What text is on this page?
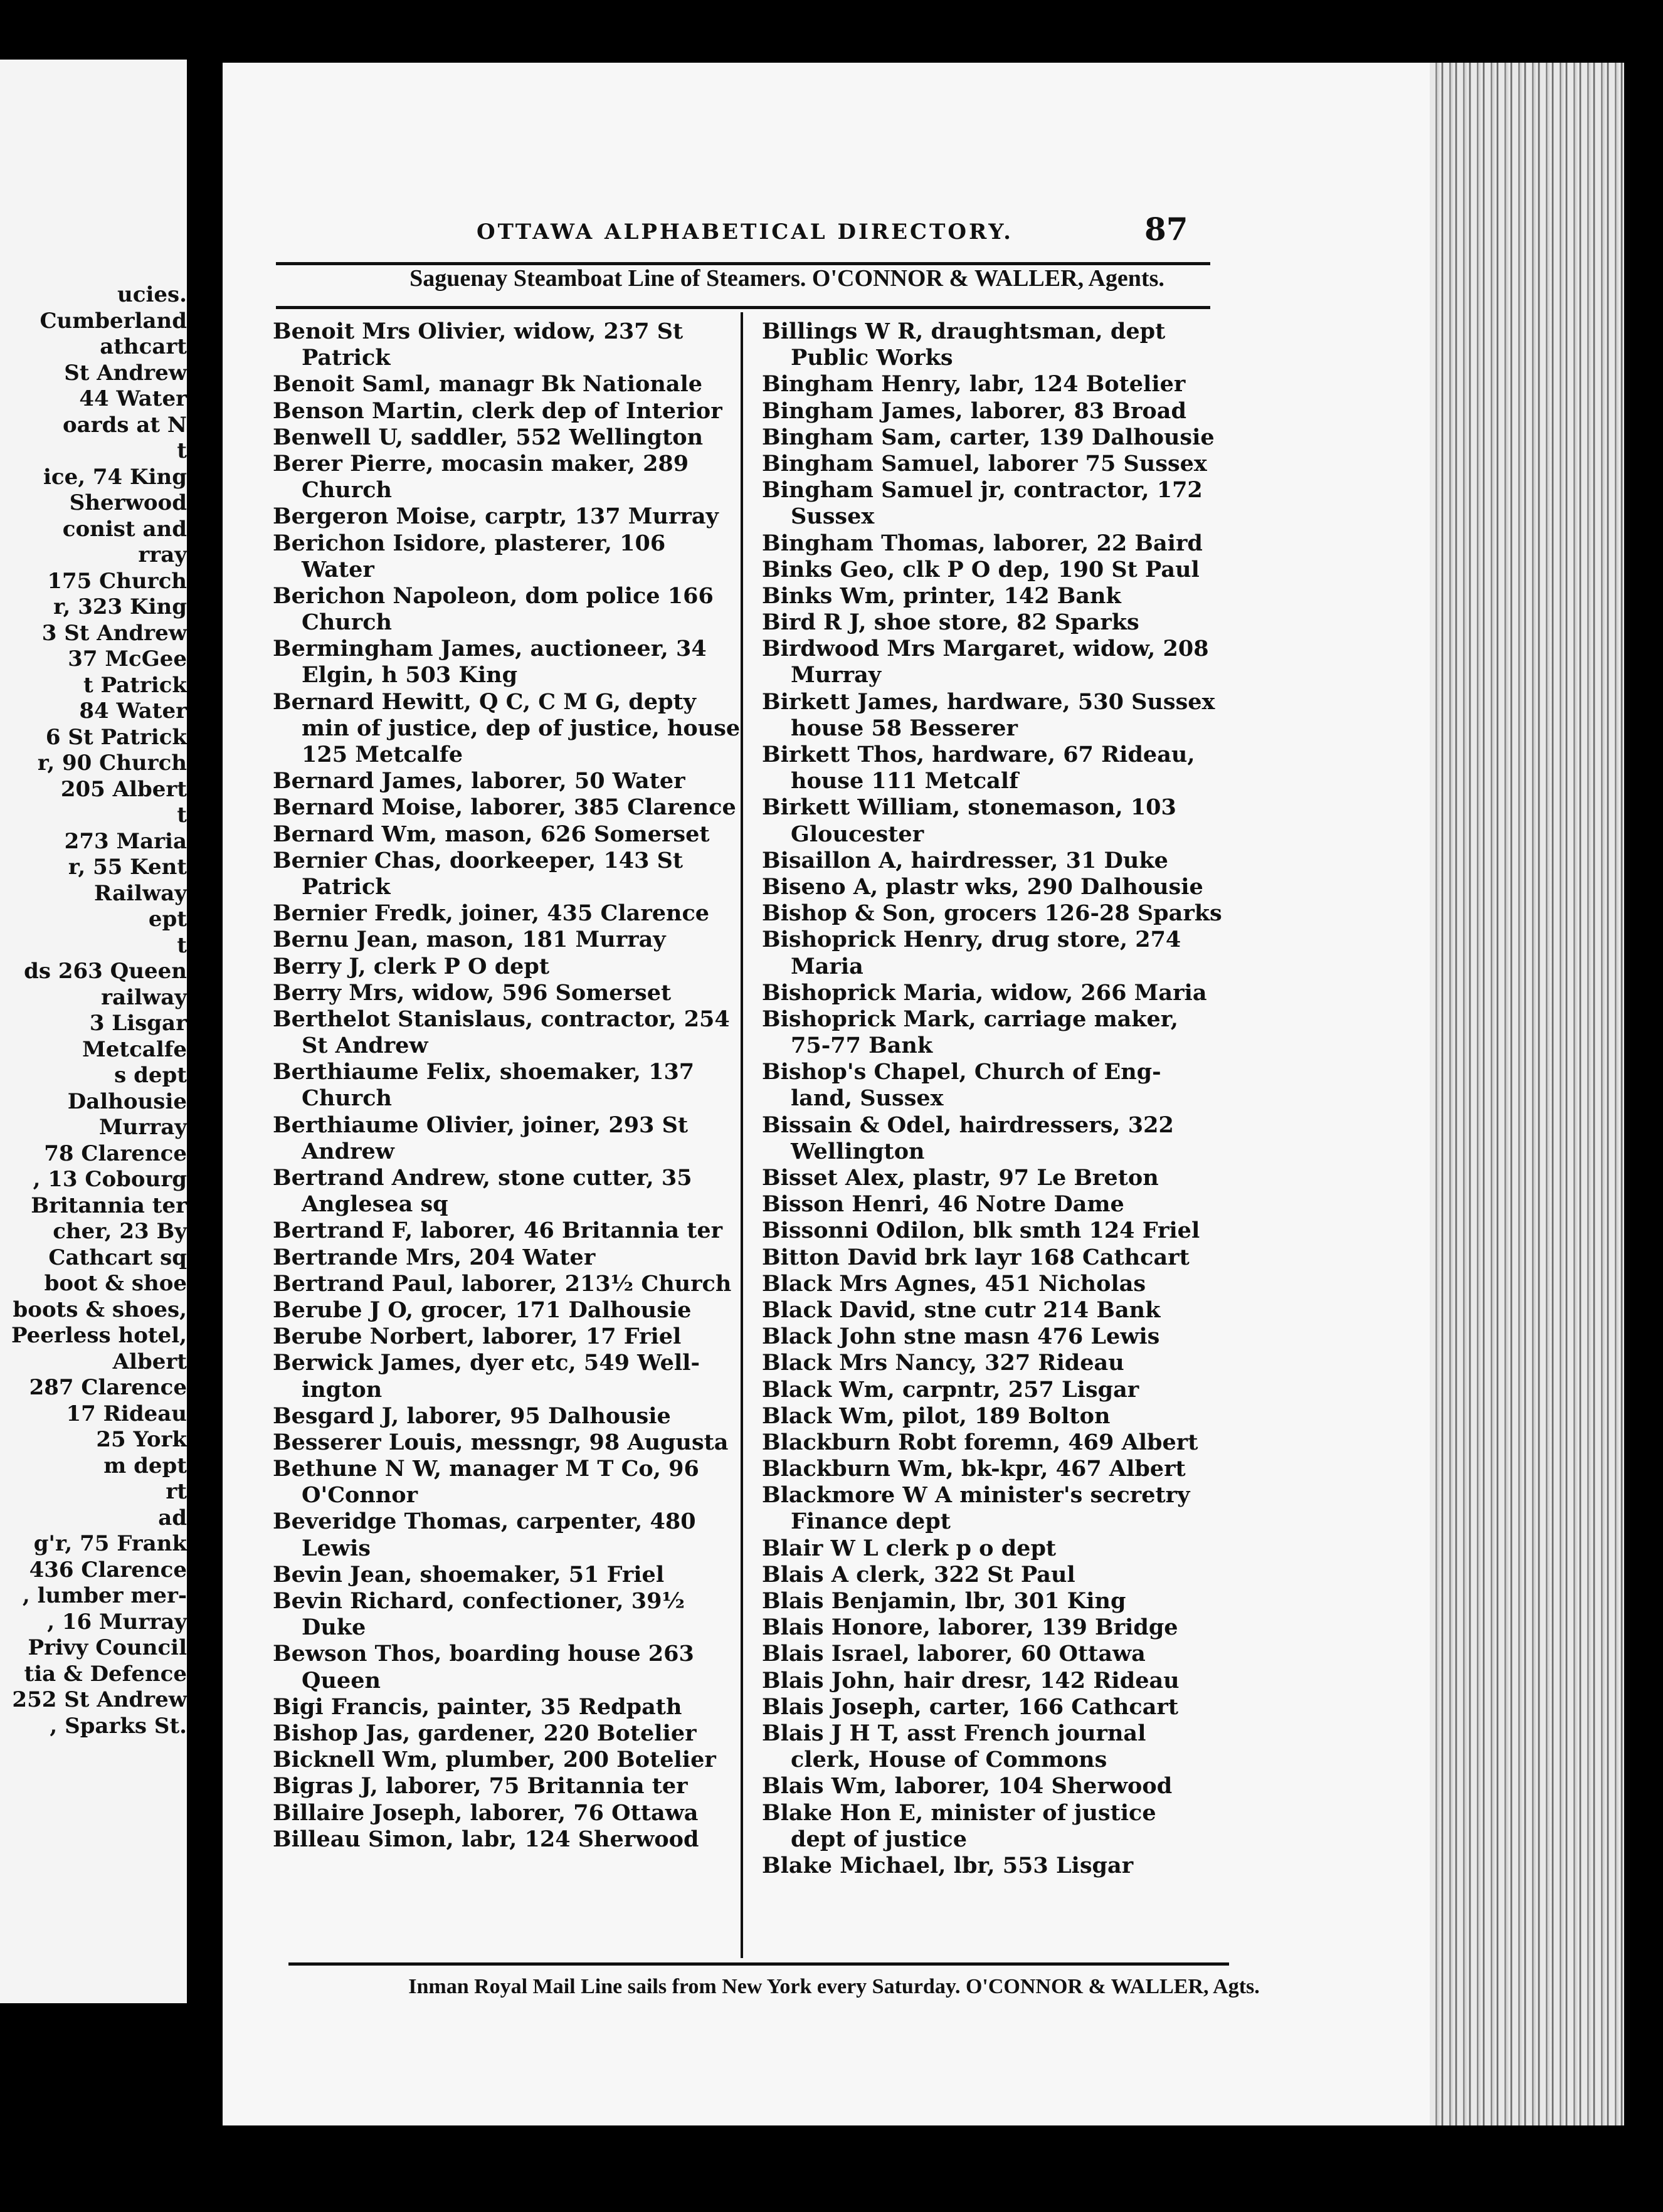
ucies.
Cumberland
athcart
St Andrew
44 Water
oards at N
t
ice, 74 King
Sherwood
conist and
rray
175 Church
r, 323 King
3 St Andrew
37 McGee
t Patrick
84 Water
6 St Patrick
r, 90 Church
205 Albert
t
273 Maria
r, 55 Kent
Railway
ept
t
ds 263 Queen
railway
3 Lisgar
Metcalfe
s dept
Dalhousie
Murray
78 Clarence
, 13 Cobourg
Britannia ter
cher, 23 By
Cathcart sq
boot & shoe
boots & shoes,
Peerless hotel,
Albert
287 Clarence
17 Rideau
25 York
m dept
rt
ad
g'r, 75 Frank
436 Clarence
, lumber mer-
, 16 Murray
Privy Council
tia & Defence
252 St Andrew
, Sparks St.
OTTAWA ALPHABETICAL DIRECTORY.	87
Saguenay Steamboat Line of Steamers. O'CONNOR & WALLER, Agents.
Benoit Mrs Olivier, widow, 237 St
Patrick
Benoit Saml, managr Bk Nationale
Benson Martin, clerk dep of Interior
Benwell U, saddler, 552 Wellington
Berer Pierre, mocasin maker, 289
Church
Bergeron Moise, carptr, 137 Murray
Berichon Isidore, plasterer, 106
Water
Berichon Napoleon, dom police 166
Church
Bermingham James, auctioneer, 34
Elgin, h 503 King
Bernard Hewitt, Q C, C M G, depty
min of justice, dep of justice, house
125 Metcalfe
Bernard James, laborer, 50 Water
Bernard Moise, laborer, 385 Clarence
Bernard Wm, mason, 626 Somerset
Bernier Chas, doorkeeper, 143 St
Patrick
Bernier Fredk, joiner, 435 Clarence
Bernu Jean, mason, 181 Murray
Berry J, clerk P O dept
Berry Mrs, widow, 596 Somerset
Berthelot Stanislaus, contractor, 254
St Andrew
Berthiaume Felix, shoemaker, 137
Church
Berthiaume Olivier, joiner, 293 St
Andrew
Bertrand Andrew, stone cutter, 35
Anglesea sq
Bertrand F, laborer, 46 Britannia ter
Bertrande Mrs, 204 Water
Bertrand Paul, laborer, 213½ Church
Berube J O, grocer, 171 Dalhousie
Berube Norbert, laborer, 17 Friel
Berwick James, dyer etc, 549 Well-
ington
Besgard J, laborer, 95 Dalhousie
Besserer Louis, messngr, 98 Augusta
Bethune N W, manager M T Co, 96
O'Connor
Beveridge Thomas, carpenter, 480
Lewis
Bevin Jean, shoemaker, 51 Friel
Bevin Richard, confectioner, 39½
Duke
Bewson Thos, boarding house 263
Queen
Bigi Francis, painter, 35 Redpath
Bishop Jas, gardener, 220 Botelier
Bicknell Wm, plumber, 200 Botelier
Bigras J, laborer, 75 Britannia ter
Billaire Joseph, laborer, 76 Ottawa
Billeau Simon, labr, 124 Sherwood
Billings W R, draughtsman, dept
Public Works
Bingham Henry, labr, 124 Botelier
Bingham James, laborer, 83 Broad
Bingham Sam, carter, 139 Dalhousie
Bingham Samuel, laborer 75 Sussex
Bingham Samuel jr, contractor, 172
Sussex
Bingham Thomas, laborer, 22 Baird
Binks Geo, clk P O dep, 190 St Paul
Binks Wm, printer, 142 Bank
Bird R J, shoe store, 82 Sparks
Birdwood Mrs Margaret, widow, 208
Murray
Birkett James, hardware, 530 Sussex
house 58 Besserer
Birkett Thos, hardware, 67 Rideau,
house 111 Metcalf
Birkett William, stonemason, 103
Gloucester
Bisaillon A, hairdresser, 31 Duke
Biseno A, plastr wks, 290 Dalhousie
Bishop & Son, grocers 126-28 Sparks
Bishoprick Henry, drug store, 274
Maria
Bishoprick Maria, widow, 266 Maria
Bishoprick Mark, carriage maker,
75-77 Bank
Bishop's Chapel, Church of Eng-
land, Sussex
Bissain & Odel, hairdressers, 322
Wellington
Bisset Alex, plastr, 97 Le Breton
Bisson Henri, 46 Notre Dame
Bissonni Odilon, blk smth 124 Friel
Bitton David brk layr 168 Cathcart
Black Mrs Agnes, 451 Nicholas
Black David, stne cutr 214 Bank
Black John stne masn 476 Lewis
Black Mrs Nancy, 327 Rideau
Black Wm, carpntr, 257 Lisgar
Black Wm, pilot, 189 Bolton
Blackburn Robt foremn, 469 Albert
Blackburn Wm, bk-kpr, 467 Albert
Blackmore W A minister's secretry
Finance dept
Blair W L clerk p o dept
Blais A clerk, 322 St Paul
Blais Benjamin, lbr, 301 King
Blais Honore, laborer, 139 Bridge
Blais Israel, laborer, 60 Ottawa
Blais John, hair dresr, 142 Rideau
Blais Joseph, carter, 166 Cathcart
Blais J H T, asst French journal
clerk, House of Commons
Blais Wm, laborer, 104 Sherwood
Blake Hon E, minister of justice
dept of justice
Blake Michael, lbr, 553 Lisgar
Inman Royal Mail Line sails from New York every Saturday. O'CONNOR & WALLER, Agts.
